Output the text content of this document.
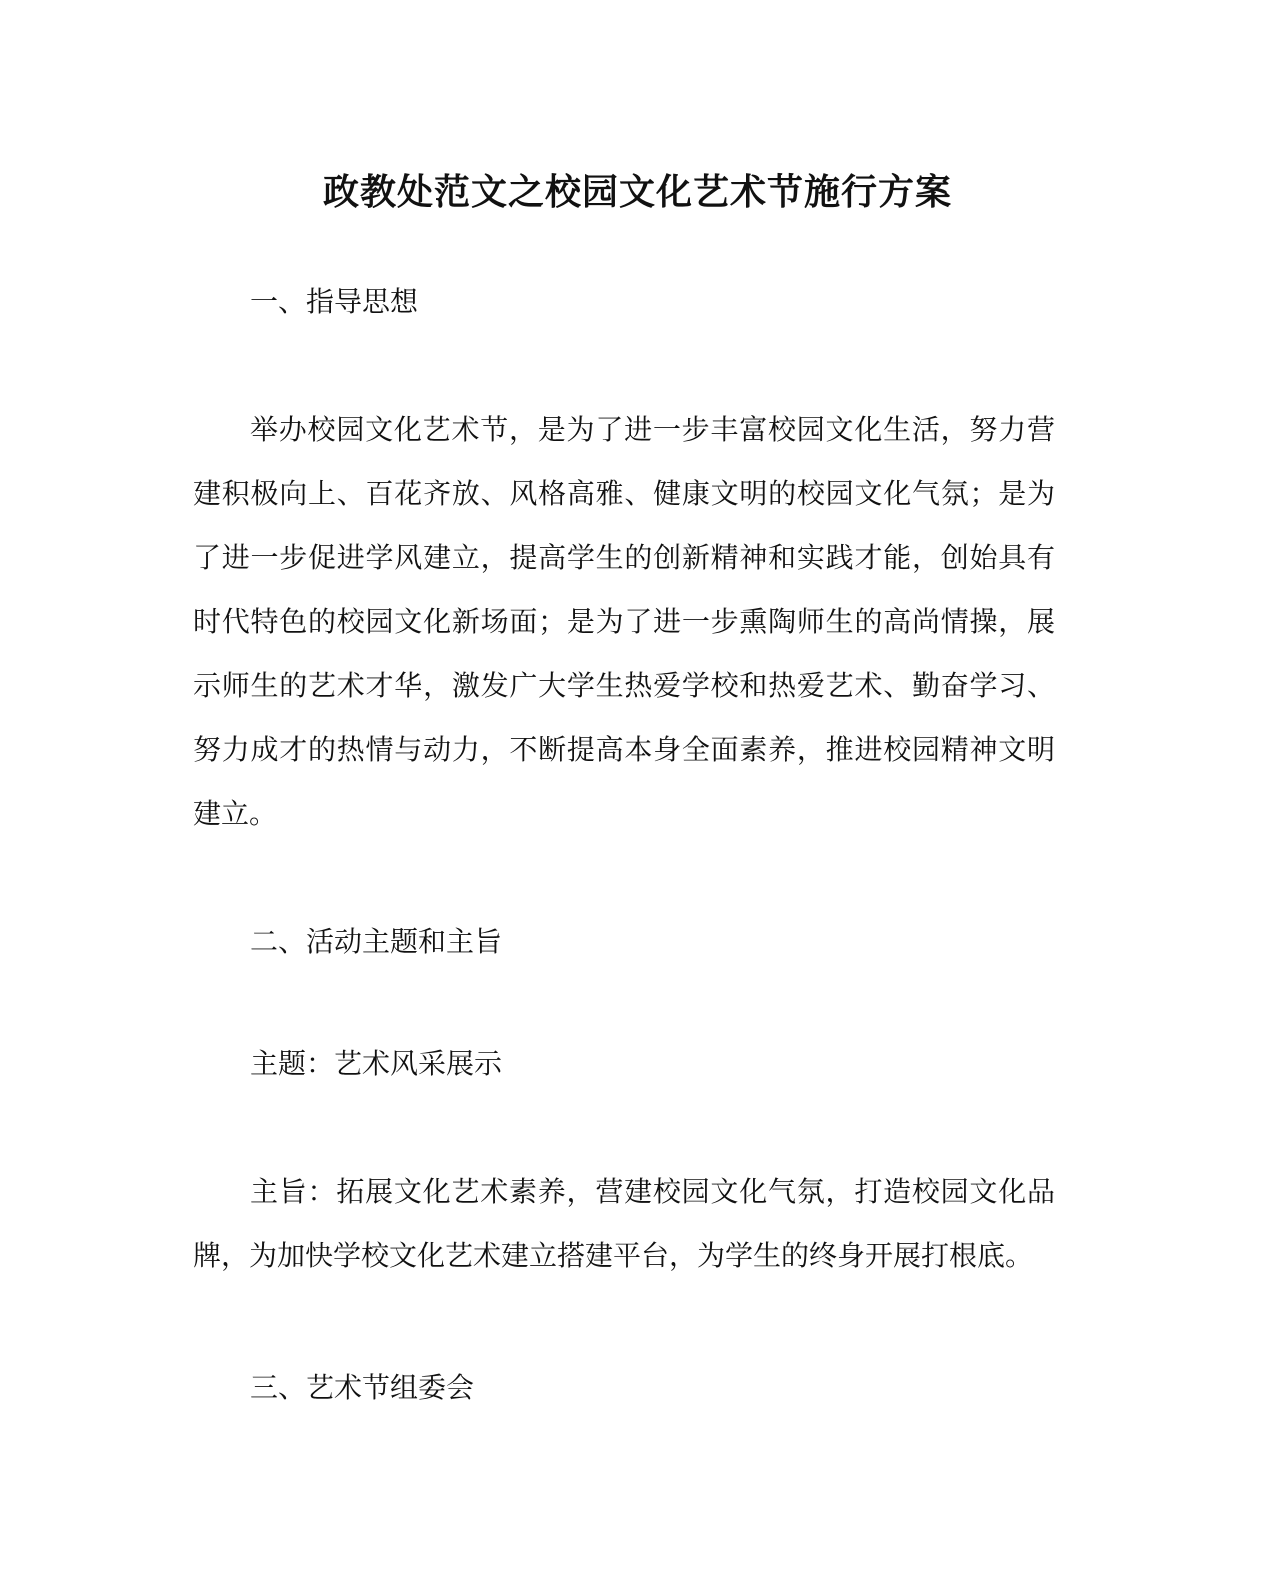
政教处范文之校园文化艺术节施行方案

一、指导思想

举办校园文化艺术节，是为了进一步丰富校园文化生活，努力营建积极向上、百花齐放、风格高雅、健康文明的校园文化气氛；是为了进一步促进学风建立，提高学生的创新精神和实践才能，创始具有时代特色的校园文化新场面；是为了进一步熏陶师生的高尚情操，展示师生的艺术才华，激发广大学生热爱学校和热爱艺术、勤奋学习、努力成才的热情与动力，不断提高本身全面素养，推进校园精神文明建立。

二、活动主题和主旨

主题：艺术风采展示

主旨：拓展文化艺术素养，营建校园文化气氛，打造校园文化品牌，为加快学校文化艺术建立搭建平台，为学生的终身开展打根底。

三、艺术节组委会
